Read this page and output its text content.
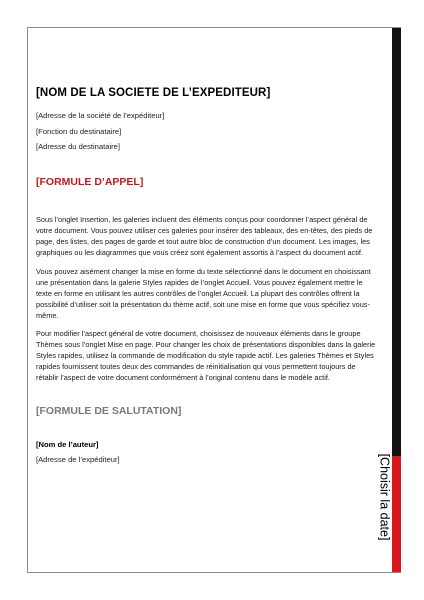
[Choisir la date]
[NOM DE LA SOCIETE DE L’EXPEDITEUR]
[Adresse de la société de l’expéditeur]
[Fonction du destinataire]
[Adresse du destinataire]
[FORMULE D’APPEL]

Sous l’onglet Insertion, les galeries incluent des éléments conçus pour coordonner l’aspect général de votre document. Vous pouvez utiliser ces galeries pour insérer des tableaux, des en-têtes, des pieds de page, des listes, des pages de garde et tout autre bloc de construction d’un document. Les images, les graphiques ou les diagrammes que vous créez sont également assortis à l’aspect du document actif.

Vous pouvez aisément changer la mise en forme du texte sélectionné dans le document en choisissant une présentation dans la galerie Styles rapides de l’onglet Accueil. Vous pouvez également mettre le texte en forme en utilisant les autres contrôles de l’onglet Accueil. La plupart des contrôles offrent la possibilité d’utiliser soit la présentation du thème actif, soit une mise en forme que vous spécifiez vous-même.

Pour modifier l’aspect général de votre document, choisissez de nouveaux éléments dans le groupe Thèmes sous l’onglet Mise en page. Pour changer les choix de présentations disponibles dans la galerie Styles rapides, utilisez la commande de modification du style rapide actif. Les galeries Thèmes et Styles rapides fournissent toutes deux des commandes de réinitialisation qui vous permettent toujours de rétablir l’aspect de votre document conformément à l’original contenu dans le modèle actif.

[FORMULE DE SALUTATION]
[Nom de l’auteur]
[Adresse de l’expéditeur]
